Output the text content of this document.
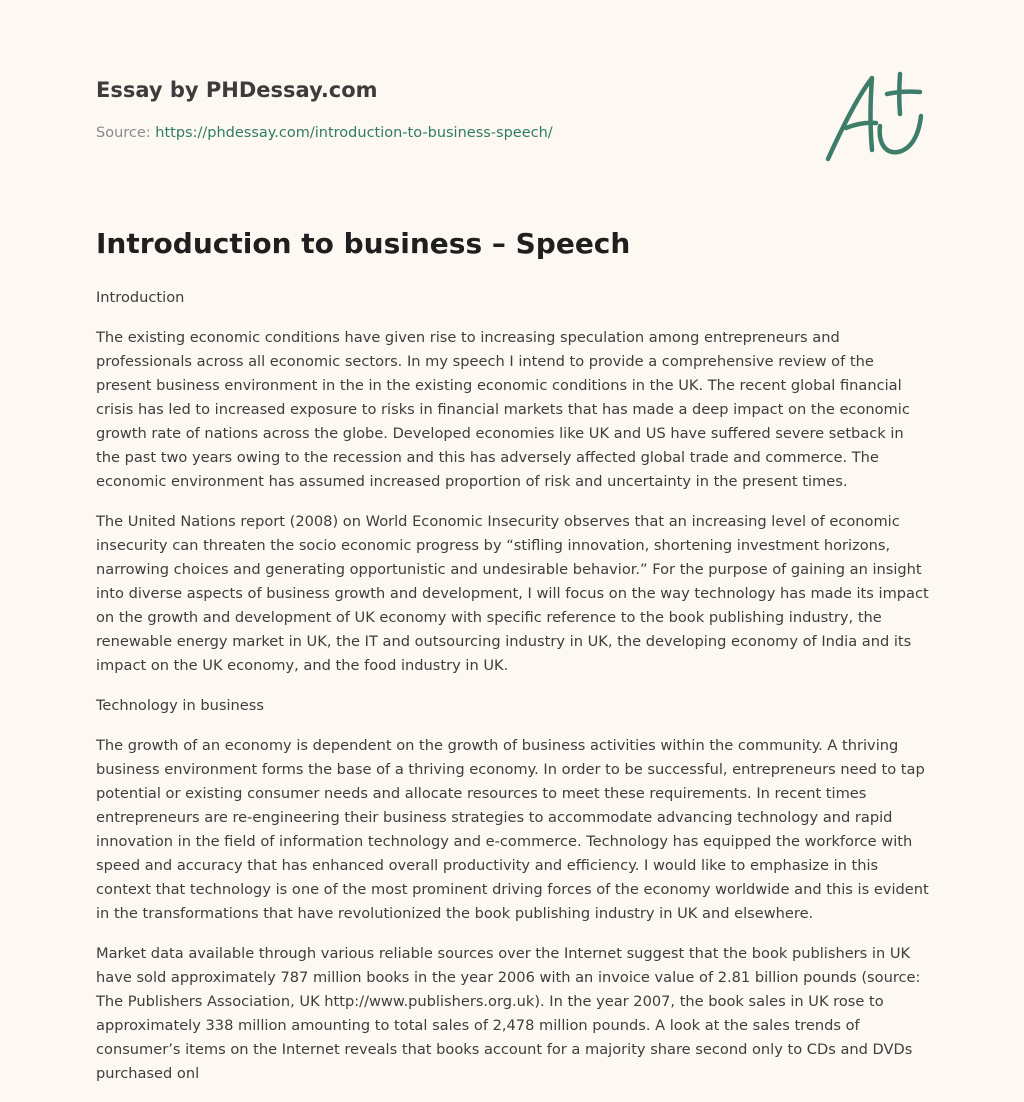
Essay by PHDessay.com
Source: https://phdessay.com/introduction-to-business-speech/
Introduction to business – Speech

Introduction

The existing economic conditions have given rise to increasing speculation among entrepreneurs and professionals across all economic sectors. In my speech I intend to provide a comprehensive review of the present business environment in the in the existing economic conditions in the UK. The recent global financial crisis has led to increased exposure to risks in financial markets that has made a deep impact on the economic growth rate of nations across the globe. Developed economies like UK and US have suffered severe setback in the past two years owing to the recession and this has adversely affected global trade and commerce. The economic environment has assumed increased proportion of risk and uncertainty in the present times.

The United Nations report (2008) on World Economic Insecurity observes that an increasing level of economic insecurity can threaten the socio economic progress by “stifling innovation, shortening investment horizons, narrowing choices and generating opportunistic and undesirable behavior.” For the purpose of gaining an insight into diverse aspects of business growth and development, I will focus on the way technology has made its impact on the growth and development of UK economy with specific reference to the book publishing industry, the renewable energy market in UK, the IT and outsourcing industry in UK, the developing economy of India and its impact on the UK economy, and the food industry in UK.

Technology in business

The growth of an economy is dependent on the growth of business activities within the community. A thriving business environment forms the base of a thriving economy. In order to be successful, entrepreneurs need to tap potential or existing consumer needs and allocate resources to meet these requirements. In recent times entrepreneurs are re-engineering their business strategies to accommodate advancing technology and rapid innovation in the field of information technology and e-commerce. Technology has equipped the workforce with speed and accuracy that has enhanced overall productivity and efficiency. I would like to emphasize in this context that technology is one of the most prominent driving forces of the economy worldwide and this is evident in the transformations that have revolutionized the book publishing industry in UK and elsewhere.

Market data available through various reliable sources over the Internet suggest that the book publishers in UK have sold approximately 787 million books in the year 2006 with an invoice value of 2.81 billion pounds (source: The Publishers Association, UK http://www.publishers.org.uk). In the year 2007, the book sales in UK rose to approximately 338 million amounting to total sales of 2,478 million pounds. A look at the sales trends of consumer’s items on the Internet reveals that books account for a majority share second only to CDs and DVDs purchased onl
